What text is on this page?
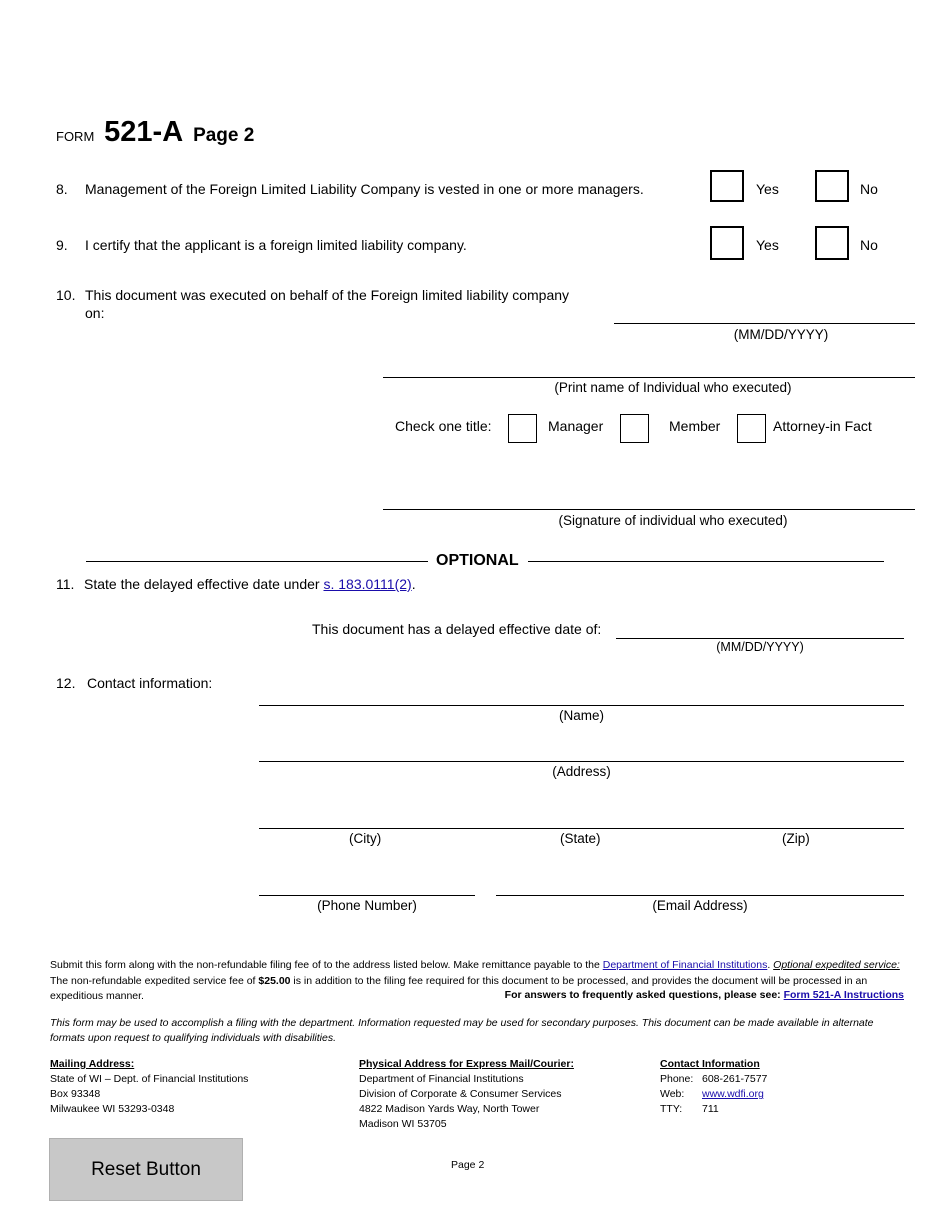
FORM 521-A Page 2
8. Management of the Foreign Limited Liability Company is vested in one or more managers.	Yes	No
9. I certify that the applicant is a foreign limited liability company.	Yes	No
10. This document was executed on behalf of the Foreign limited liability company
on:
(MM/DD/YYYY)
(Print name of Individual who executed)
Check one title:	Manager	Member	Attorney-in Fact
(Signature of individual who executed)
OPTIONAL
11. State the delayed effective date under s. 183.0111(2).
This document has a delayed effective date of:
(MM/DD/YYYY)
12. Contact information:
(Name)
(Address)
(City)	(State)	(Zip)
(Phone Number)	(Email Address)
Submit this form along with the non-refundable filing fee of to the address listed below. Make remittance payable to the Department of Financial Institutions. Optional expedited service: The non-refundable expedited service fee of $25.00 is in addition to the filing fee required for this document to be processed, and provides the document will be processed in an expeditious manner.	For answers to frequently asked questions, please see: Form 521-A Instructions
This form may be used to accomplish a filing with the department. Information requested may be used for secondary purposes. This document can be made available in alternate formats upon request to qualifying individuals with disabilities.
Mailing Address:
State of WI – Dept. of Financial Institutions
Box 93348
Milwaukee WI 53293-0348
Physical Address for Express Mail/Courier:
Department of Financial Institutions
Division of Corporate & Consumer Services
4822 Madison Yards Way, North Tower
Madison WI 53705
Contact Information
Phone: 608-261-7577
Web: www.wdfi.org
TTY: 711
Reset Button	Page 2
